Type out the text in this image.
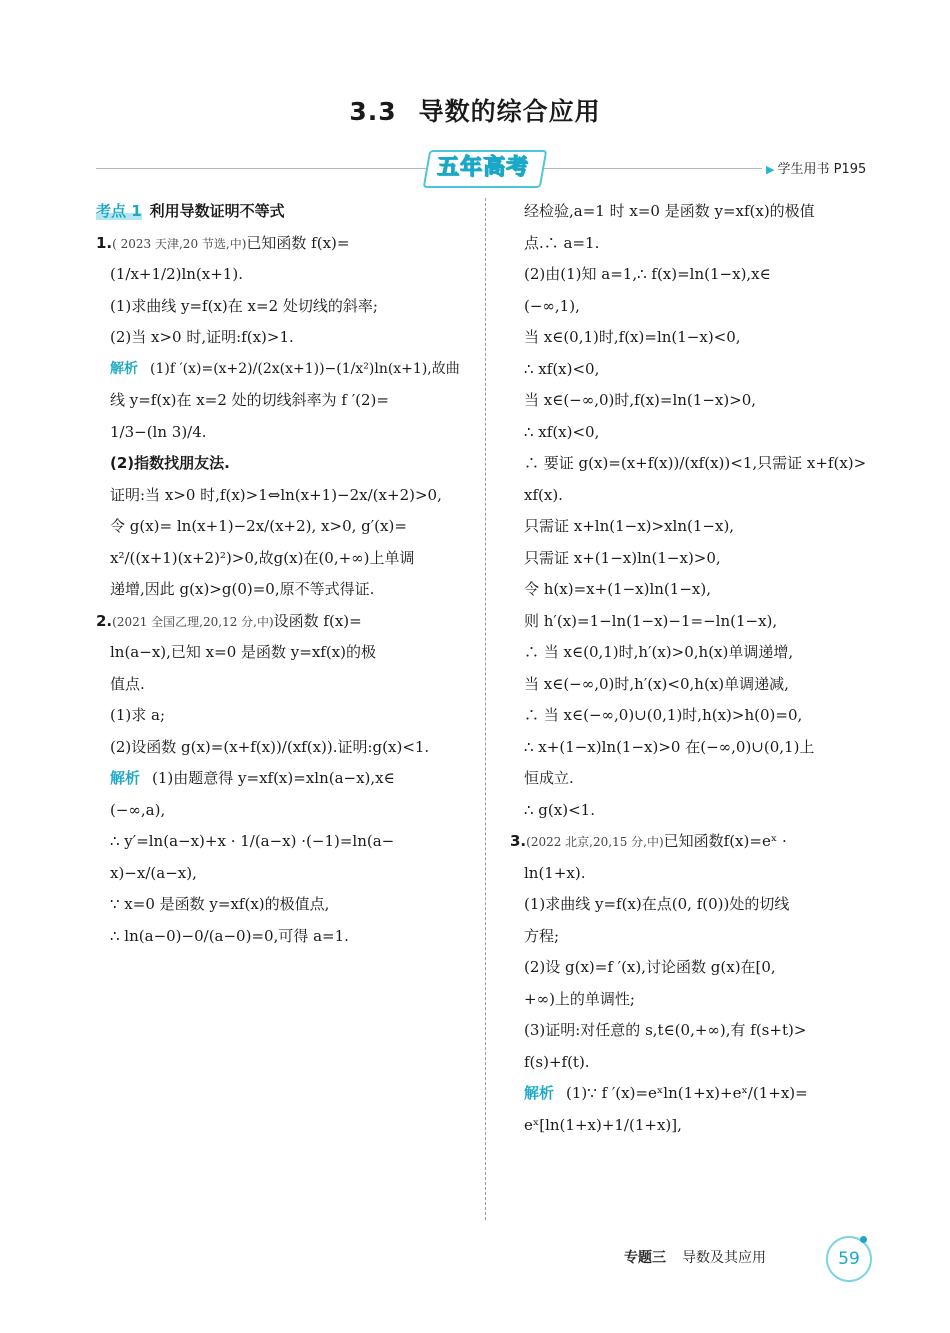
3.3 导数的综合应用
五年高考	▶ 学生用书 P195
考点 1 利用导数证明不等式
1.( 2023 天津,20 节选,中)已知函数 f(x)=
(1/x+1/2)ln(x+1).
(1)求曲线 y=f(x)在 x=2 处切线的斜率;
(2)当 x>0 时,证明:f(x)>1.
解析 (1)f ′(x)=(x+2)/(2x(x+1))−(1/x²)ln(x+1),故曲
线 y=f(x)在 x=2 处的切线斜率为 f ′(2)=
1/3−(ln 3)/4.
(2)指数找朋友法.
证明:当 x>0 时,f(x)>1⇔ln(x+1)−2x/(x+2)>0,
令 g(x)= ln(x+1)−2x/(x+2), x>0, g′(x)=
x²/((x+1)(x+2)²)>0,故g(x)在(0,+∞)上单调
递增,因此 g(x)>g(0)=0,原不等式得证.
2.(2021 全国乙理,20,12 分,中)设函数 f(x)=
ln(a−x),已知 x=0 是函数 y=xf(x)的极
值点.
(1)求 a;
(2)设函数 g(x)=(x+f(x))/(xf(x)).证明:g(x)<1.
解析 (1)由题意得 y=xf(x)=xln(a−x),x∈
(−∞,a),
∴ y′=ln(a−x)+x · 1/(a−x) ·(−1)=ln(a−
x)−x/(a−x),
∵ x=0 是函数 y=xf(x)的极值点,
∴ ln(a−0)−0/(a−0)=0,可得 a=1.
经检验,a=1 时 x=0 是函数 y=xf(x)的极值
点.∴ a=1.
(2)由(1)知 a=1,∴ f(x)=ln(1−x),x∈
(−∞,1),
当 x∈(0,1)时,f(x)=ln(1−x)<0,
∴ xf(x)<0,
当 x∈(−∞,0)时,f(x)=ln(1−x)>0,
∴ xf(x)<0,
∴ 要证 g(x)=(x+f(x))/(xf(x))<1,只需证 x+f(x)>
xf(x).
只需证 x+ln(1−x)>xln(1−x),
只需证 x+(1−x)ln(1−x)>0,
令 h(x)=x+(1−x)ln(1−x),
则 h′(x)=1−ln(1−x)−1=−ln(1−x),
∴ 当 x∈(0,1)时,h′(x)>0,h(x)单调递增,
当 x∈(−∞,0)时,h′(x)<0,h(x)单调递减,
∴ 当 x∈(−∞,0)∪(0,1)时,h(x)>h(0)=0,
∴ x+(1−x)ln(1−x)>0 在(−∞,0)∪(0,1)上
恒成立.
∴ g(x)<1.
3.(2022 北京,20,15 分,中)已知函数f(x)=eˣ ·
ln(1+x).
(1)求曲线 y=f(x)在点(0, f(0))处的切线
方程;
(2)设 g(x)=f ′(x),讨论函数 g(x)在[0,
+∞)上的单调性;
(3)证明:对任意的 s,t∈(0,+∞),有 f(s+t)>
f(s)+f(t).
解析 (1)∵ f ′(x)=eˣln(1+x)+eˣ/(1+x)=
eˣ[ln(1+x)+1/(1+x)],
专题三 导数及其应用	59
